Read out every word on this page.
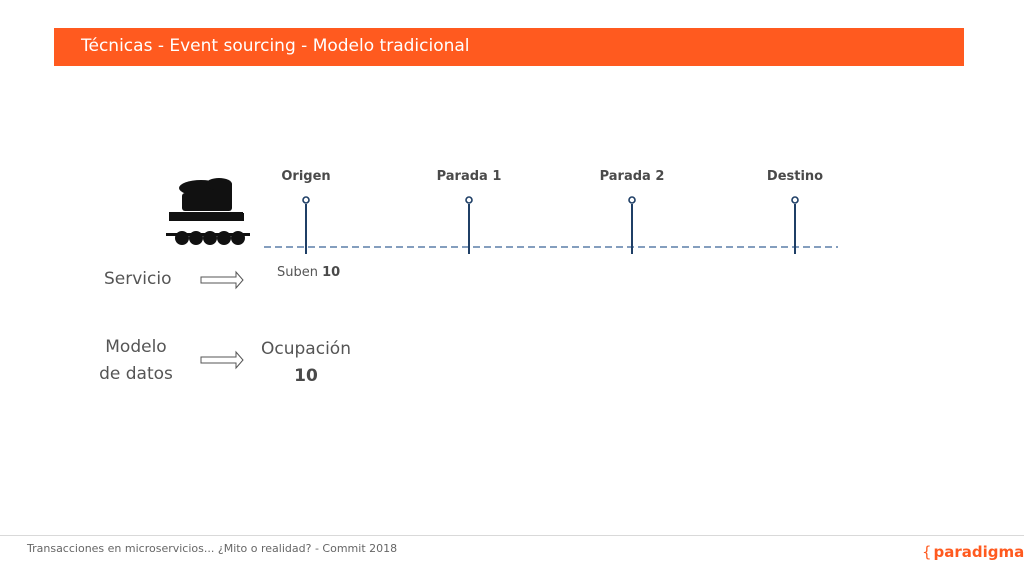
Técnicas - Event sourcing - Modelo tradicional
Origen	Parada 1	Parada 2	Destino
Servicio
Modelo
de datos
Suben 10
Ocupación
10
Transacciones en microservicios... ¿Mito o realidad? - Commit 2018	{ paradigma
